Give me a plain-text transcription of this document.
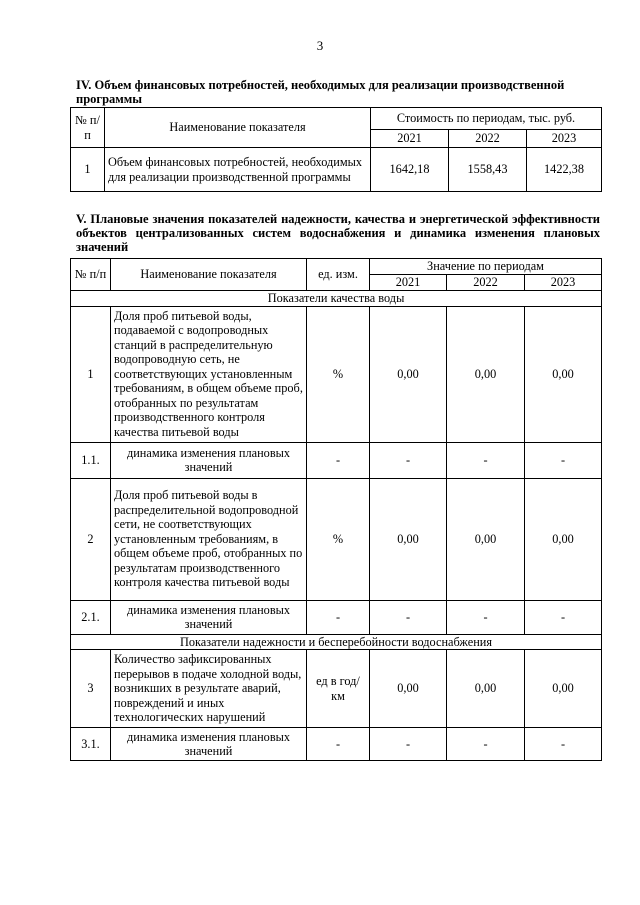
3
IV. Объем финансовых потребностей, необходимых для реализации производственной программы
№ п/п	Наименование показателя	Стоимость по периодам, тыс. руб.		
		2021	2022	2023
1	Объем финансовых потребностей, необходимых для реализации производственной программы	1642,18	1558,43	1422,38
V. Плановые значения показателей надежности, качества и энергетической эффективности объектов централизованных систем водоснабжения и динамика изменения плановых значений
№ п/п	Наименование показателя	ед. изм.	Значение по периодам		
			2021	2022	2023
Показатели качества воды					
1	Доля проб питьевой воды, подаваемой с водопроводных станций в распределительную водопроводную сеть, не соответствующих установленным требованиям, в общем объеме проб, отобранных по результатам производственного контроля качества питьевой воды	%	0,00	0,00	0,00
1.1.	динамика изменения плановых значений	-	-	-	-
2	Доля проб питьевой воды в распределительной водопроводной сети, не соответствующих установленным требованиям, в общем объеме проб, отобранных по результатам производственного контроля качества питьевой воды	%	0,00	0,00	0,00
2.1.	динамика изменения плановых значений	-	-	-	-
Показатели надежности и бесперебойности водоснабжения					
3	Количество зафиксированных перерывов в подаче холодной воды, возникших в результате аварий, повреждений и иных технологических нарушений	ед в год/ км	0,00	0,00	0,00
3.1.	динамика изменения плановых значений	-	-	-	-
